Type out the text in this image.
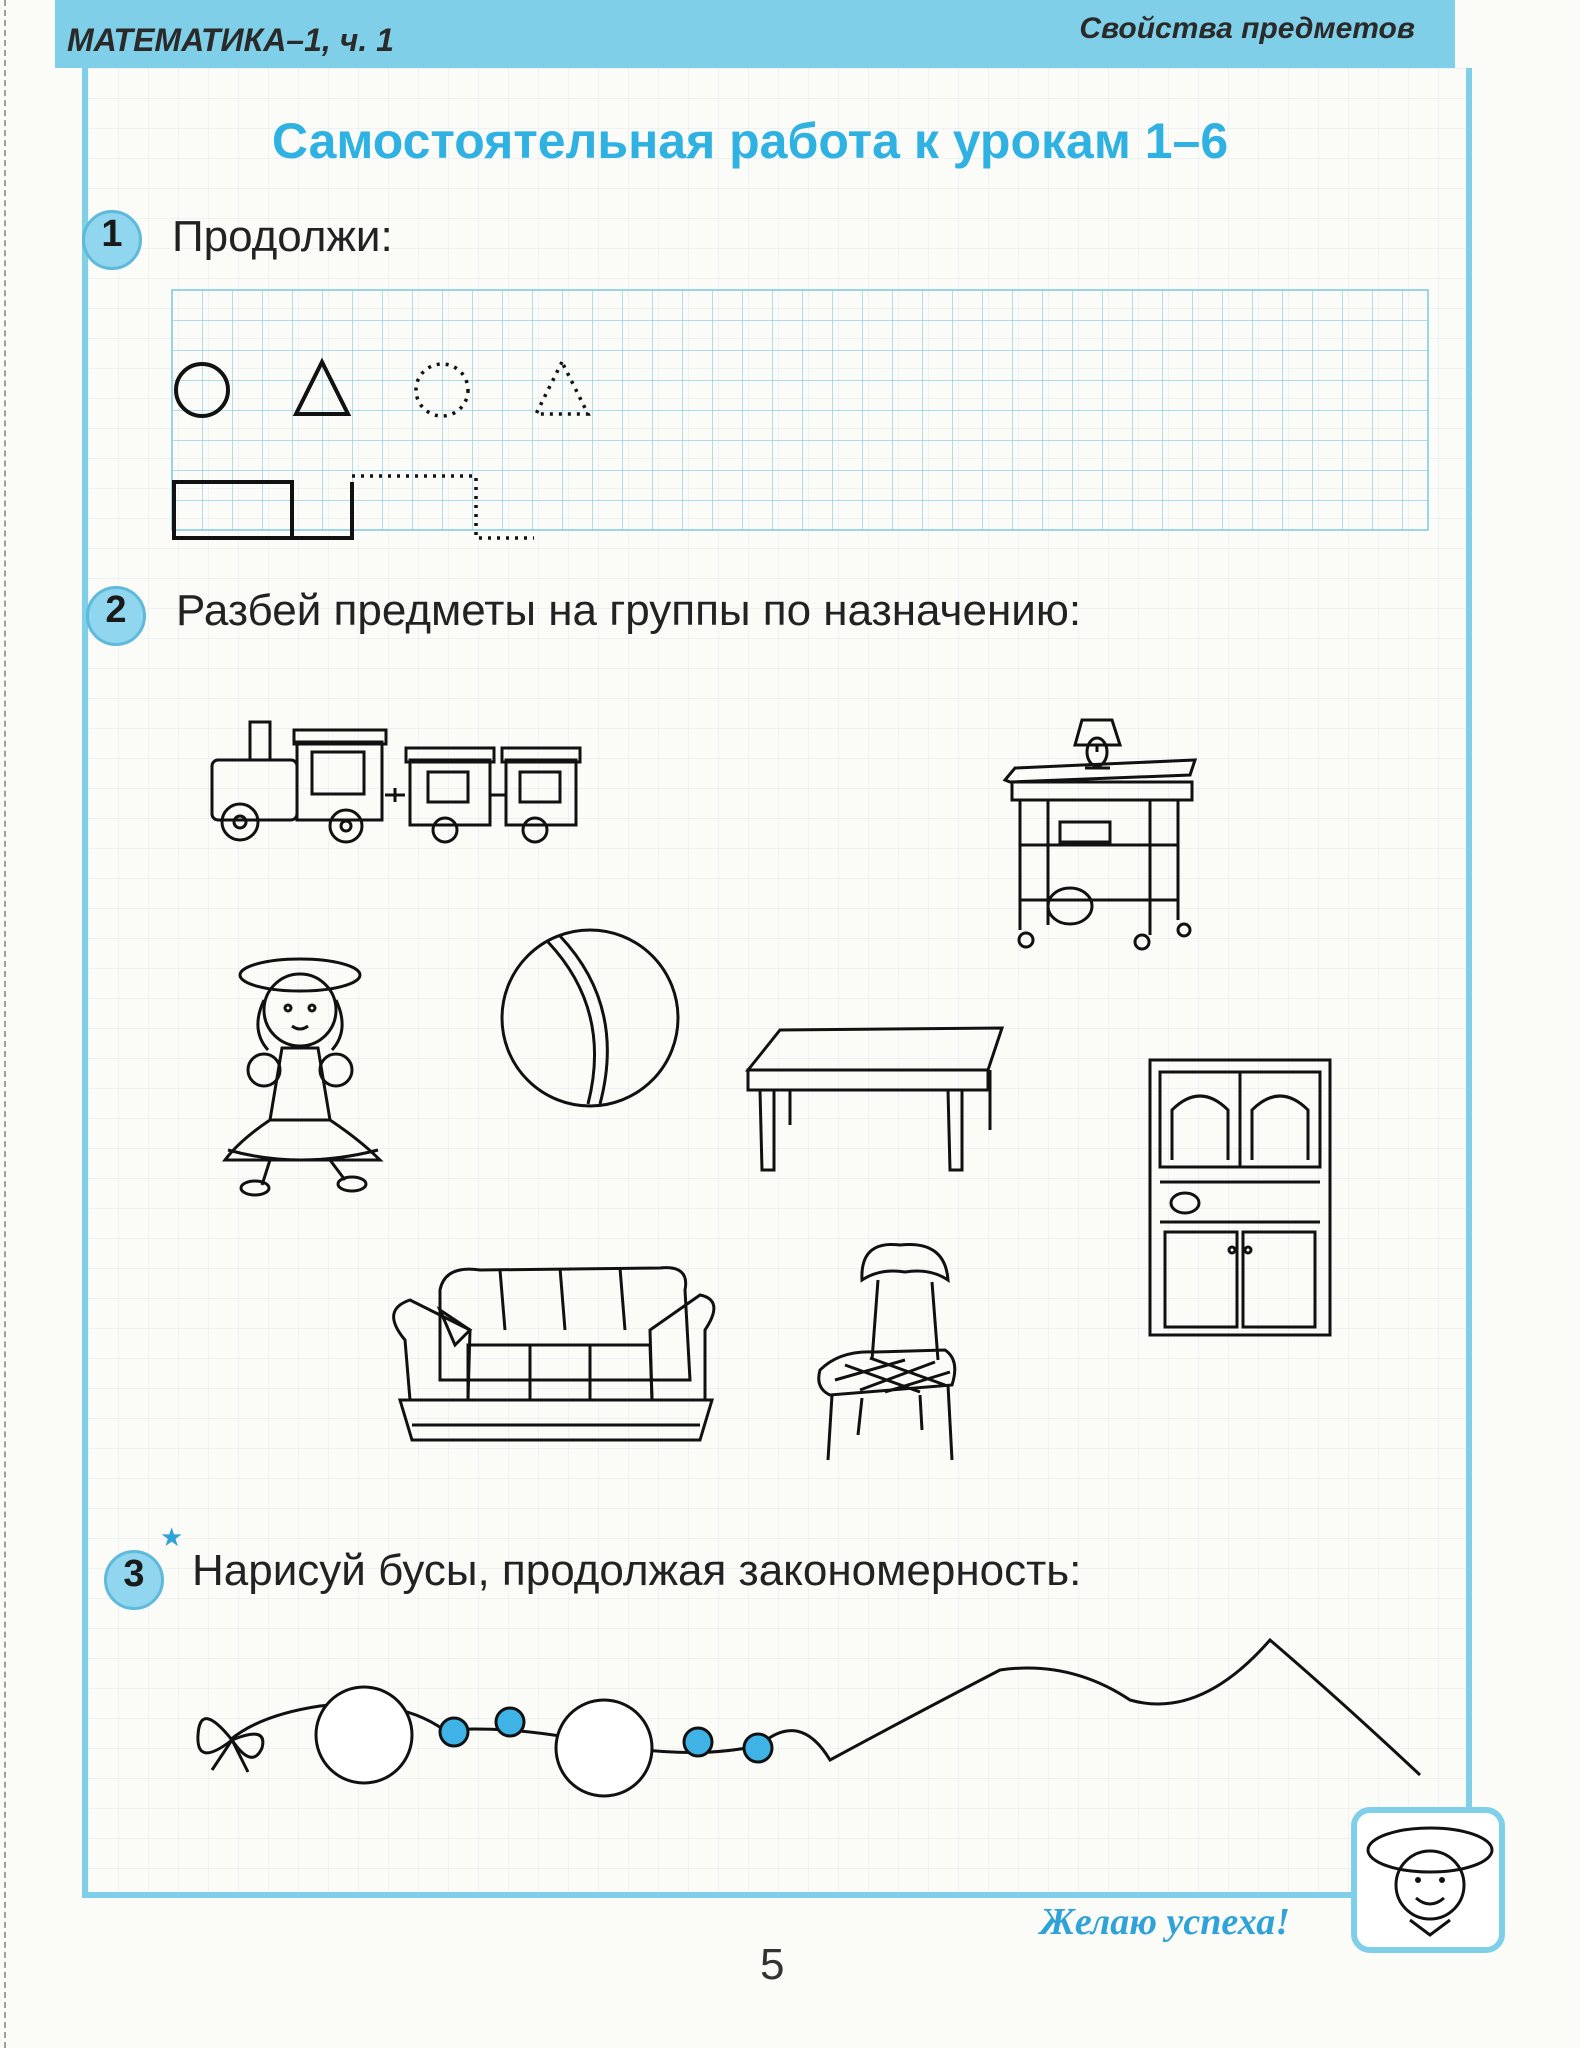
МАТЕМАТИКА–1, ч. 1	Свойства предметов
Самостоятельная работа к урокам 1–6
1	Продолжи:
2	Разбей предметы на группы по назначению:
★
3	Нарисуй бусы, продолжая закономерность:
Желаю успеха!
5
